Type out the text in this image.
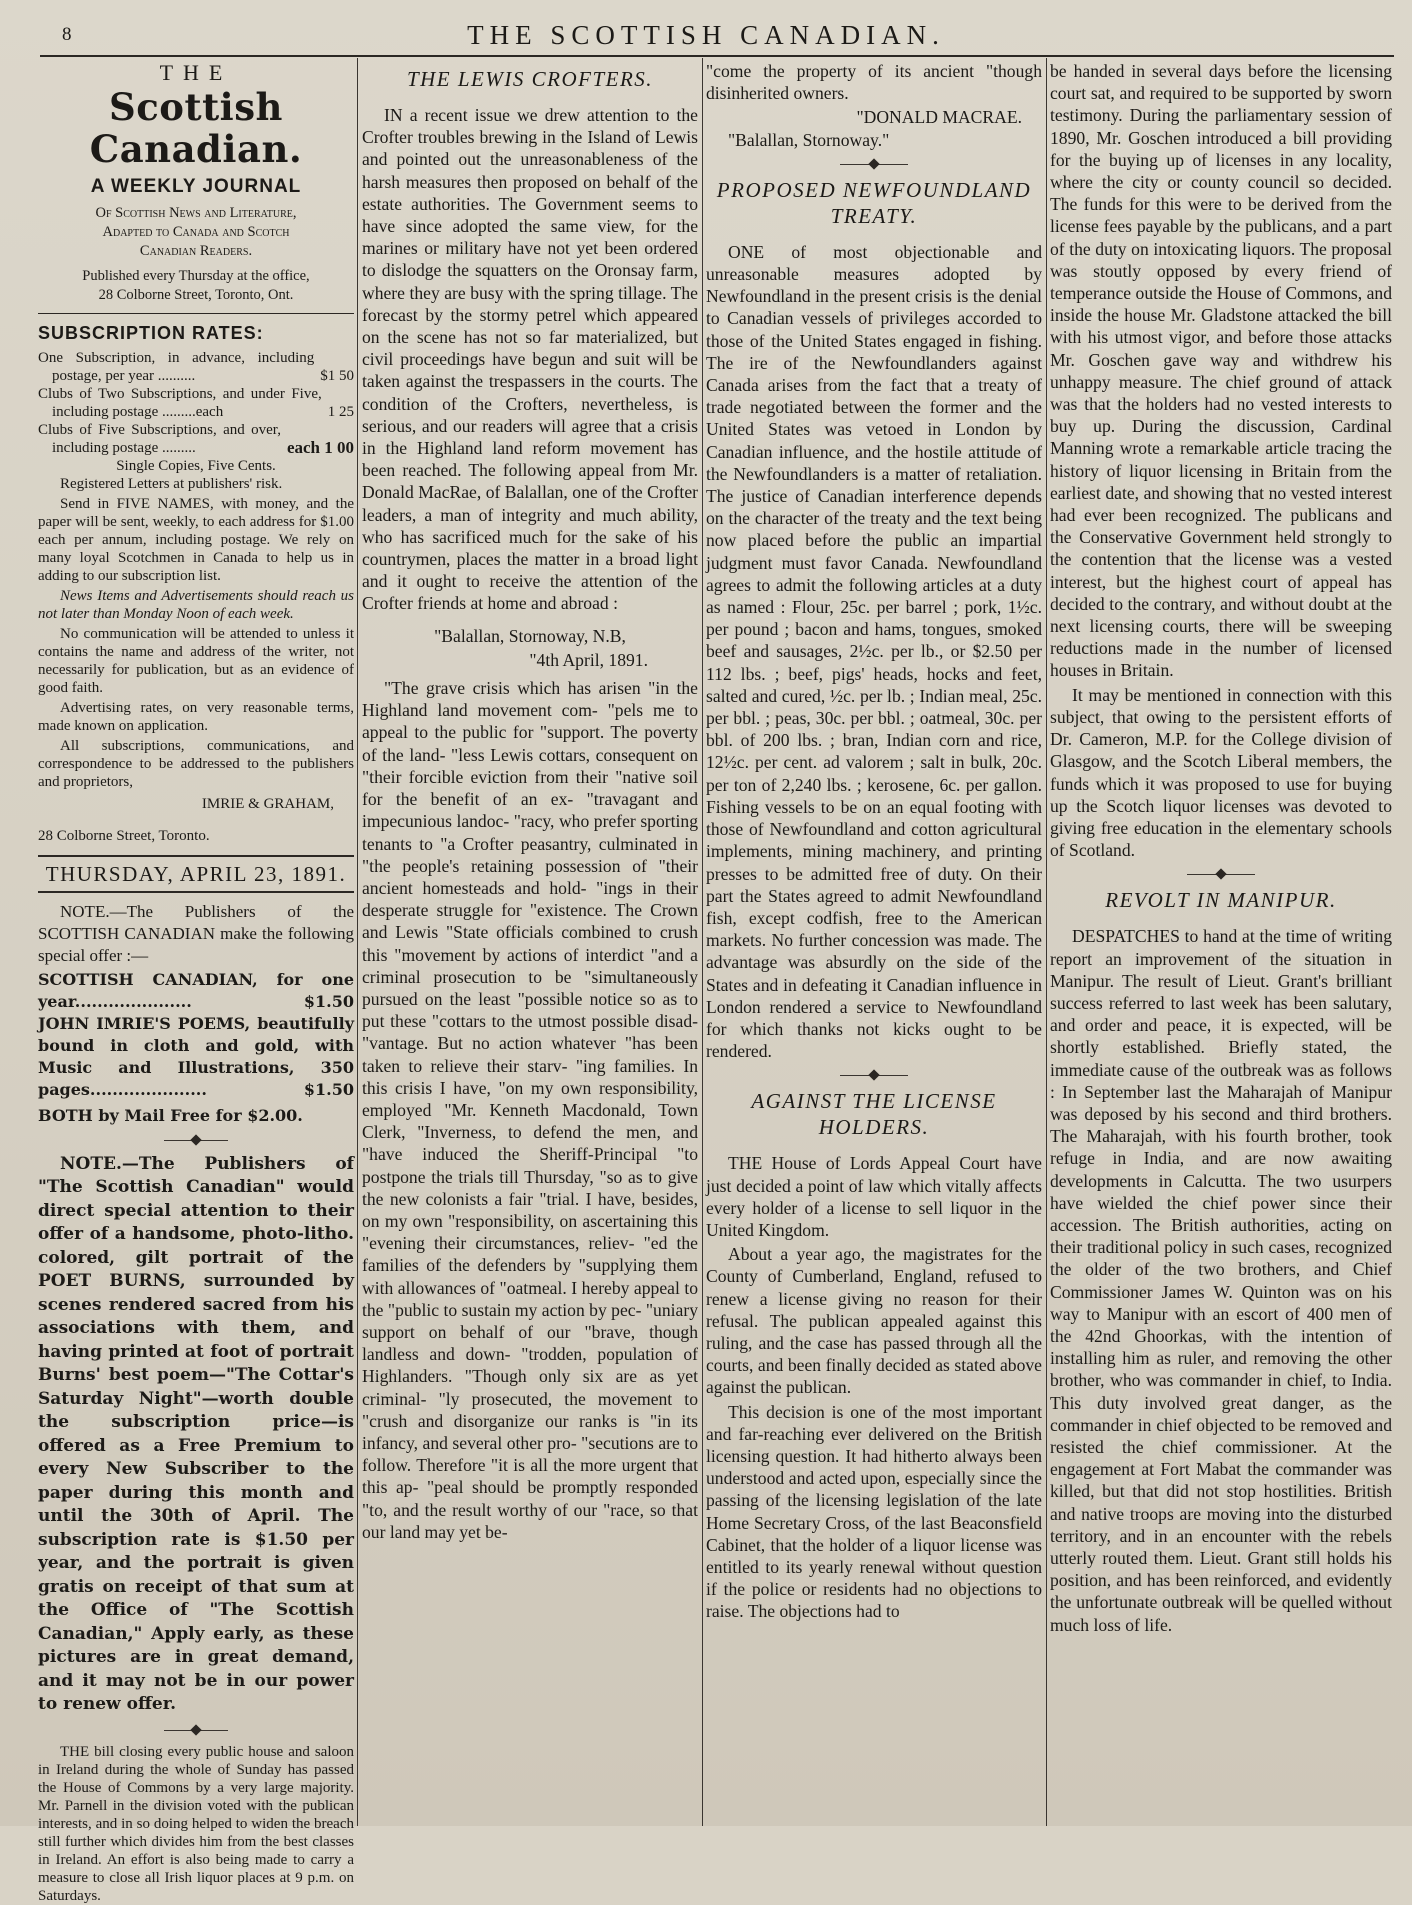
8	THE SCOTTISH CANADIAN.
THE
Scottish Canadian.
A WEEKLY JOURNAL
Of Scottish News and Literature,
Adapted to Canada and Scotch
Canadian Readers.
Published every Thursday at the office,
28 Colborne Street, Toronto, Ont.
SUBSCRIPTION RATES:
One Subscription, in advance, including postage, per year ..........	$1 50
Clubs of Two Subscriptions, and under Five, including postage .........each	1 25
Clubs of Five Subscriptions, and over, including postage .........	each 1 00
Single Copies, Five Cents.

Registered Letters at publishers' risk.

Send in FIVE NAMES, with money, and the paper will be sent, weekly, to each address for $1.00 each per annum, including postage. We rely on many loyal Scotchmen in Canada to help us in adding to our subscription list.

News Items and Advertisements should reach us not later than Monday Noon of each week.

No communication will be attended to unless it contains the name and address of the writer, not necessarily for publication, but as an evidence of good faith.

Advertising rates, on very reasonable terms, made known on application.

All subscriptions, communications, and correspondence to be addressed to the publishers and proprietors,

IMRIE & GRAHAM,
28 Colborne Street, Toronto.
THURSDAY, APRIL 23, 1891.

NOTE.—The Publishers of the SCOTTISH CANADIAN make the following special offer :—

SCOTTISH CANADIAN, for one year.....................	$1.50
JOHN IMRIE'S POEMS, beautifully bound in cloth and gold, with Music and Illustrations, 350 pages.....................	$1.50
BOTH by Mail Free for $2.00.

NOTE.—The Publishers of "The Scottish Canadian" would direct special attention to their offer of a handsome, photo-litho. colored, gilt portrait of the POET BURNS, surrounded by scenes rendered sacred from his associations with them, and having printed at foot of portrait Burns' best poem—"The Cottar's Saturday Night"—worth double the subscription price—is offered as a Free Premium to every New Subscriber to the paper during this month and until the 30th of April. The subscription rate is $1.50 per year, and the portrait is given gratis on receipt of that sum at the Office of "The Scottish Canadian," Apply early, as these pictures are in great demand, and it may not be in our power to renew offer.

THE bill closing every public house and saloon in Ireland during the whole of Sunday has passed the House of Commons by a very large majority. Mr. Parnell in the division voted with the publican interests, and in so doing helped to widen the breach still further which divides him from the best classes in Ireland. An effort is also being made to carry a measure to close all Irish liquor places at 9 p.m. on Saturdays.

THE LEWIS CROFTERS.

IN a recent issue we drew attention to the Crofter troubles brewing in the Island of Lewis and pointed out the unreasonableness of the harsh measures then proposed on behalf of the estate authorities. The Government seems to have since adopted the same view, for the marines or military have not yet been ordered to dislodge the squatters on the Oronsay farm, where they are busy with the spring tillage. The forecast by the stormy petrel which appeared on the scene has not so far materialized, but civil proceedings have begun and suit will be taken against the trespassers in the courts. The condition of the Crofters, nevertheless, is serious, and our readers will agree that a crisis in the Highland land reform movement has been reached. The following appeal from Mr. Donald MacRae, of Balallan, one of the Crofter leaders, a man of integrity and much ability, who has sacrificed much for the sake of his countrymen, places the matter in a broad light and it ought to receive the attention of the Crofter friends at home and abroad :

"Balallan, Stornoway, N.B,
"4th April, 1891.

"The grave crisis which has arisen "in the Highland land movement com- "pels me to appeal to the public for "support. The poverty of the land- "less Lewis cottars, consequent on "their forcible eviction from their "native soil for the benefit of an ex- "travagant and impecunious landoc- "racy, who prefer sporting tenants to "a Crofter peasantry, culminated in "the people's retaining possession of "their ancient homesteads and hold- "ings in their desperate struggle for "existence. The Crown and Lewis "State officials combined to crush this "movement by actions of interdict "and a criminal prosecution to be "simultaneously pursued on the least "possible notice so as to put these "cottars to the utmost possible disad- "vantage. But no action whatever "has been taken to relieve their starv- "ing families. In this crisis I have, "on my own responsibility, employed "Mr. Kenneth Macdonald, Town Clerk, "Inverness, to defend the men, and "have induced the Sheriff-Principal "to postpone the trials till Thursday, "so as to give the new colonists a fair "trial. I have, besides, on my own "responsibility, on ascertaining this "evening their circumstances, reliev- "ed the families of the defenders by "supplying them with allowances of "oatmeal. I hereby appeal to the "public to sustain my action by pec- "uniary support on behalf of our "brave, though landless and down- "trodden, population of Highlanders. "Though only six are as yet criminal- "ly prosecuted, the movement to "crush and disorganize our ranks is "in its infancy, and several other pro- "secutions are to follow. Therefore "it is all the more urgent that this ap- "peal should be promptly responded "to, and the result worthy of our "race, so that our land may yet be-

"come the property of its ancient "though disinherited owners.

"DONALD MACRAE.

"Balallan, Stornoway."

PROPOSED NEWFOUNDLAND TREATY.

ONE of most objectionable and unreasonable measures adopted by Newfoundland in the present crisis is the denial to Canadian vessels of privileges accorded to those of the United States engaged in fishing. The ire of the Newfoundlanders against Canada arises from the fact that a treaty of trade negotiated between the former and the United States was vetoed in London by Canadian influence, and the hostile attitude of the Newfoundlanders is a matter of retaliation. The justice of Canadian interference depends on the character of the treaty and the text being now placed before the public an impartial judgment must favor Canada. Newfoundland agrees to admit the following articles at a duty as named : Flour, 25c. per barrel ; pork, 1½c. per pound ; bacon and hams, tongues, smoked beef and sausages, 2½c. per lb., or $2.50 per 112 lbs. ; beef, pigs' heads, hocks and feet, salted and cured, ½c. per lb. ; Indian meal, 25c. per bbl. ; peas, 30c. per bbl. ; oatmeal, 30c. per bbl. of 200 lbs. ; bran, Indian corn and rice, 12½c. per cent. ad valorem ; salt in bulk, 20c. per ton of 2,240 lbs. ; kerosene, 6c. per gallon. Fishing vessels to be on an equal footing with those of Newfoundland and cotton agricultural implements, mining machinery, and printing presses to be admitted free of duty. On their part the States agreed to admit Newfoundland fish, except codfish, free to the American markets. No further concession was made. The advantage was absurdly on the side of the States and in defeating it Canadian influence in London rendered a service to Newfoundland for which thanks not kicks ought to be rendered.

AGAINST THE LICENSE HOLDERS.

THE House of Lords Appeal Court have just decided a point of law which vitally affects every holder of a license to sell liquor in the United Kingdom.

About a year ago, the magistrates for the County of Cumberland, England, refused to renew a license giving no reason for their refusal. The publican appealed against this ruling, and the case has passed through all the courts, and been finally decided as stated above against the publican.

This decision is one of the most important and far-reaching ever delivered on the British licensing question. It had hitherto always been understood and acted upon, especially since the passing of the licensing legislation of the late Home Secretary Cross, of the last Beaconsfield Cabinet, that the holder of a liquor license was entitled to its yearly renewal without question if the police or residents had no objections to raise. The objections had to

be handed in several days before the licensing court sat, and required to be supported by sworn testimony. During the parliamentary session of 1890, Mr. Goschen introduced a bill providing for the buying up of licenses in any locality, where the city or county council so decided. The funds for this were to be derived from the license fees payable by the publicans, and a part of the duty on intoxicating liquors. The proposal was stoutly opposed by every friend of temperance outside the House of Commons, and inside the house Mr. Gladstone attacked the bill with his utmost vigor, and before those attacks Mr. Goschen gave way and withdrew his unhappy measure. The chief ground of attack was that the holders had no vested interests to buy up. During the discussion, Cardinal Manning wrote a remarkable article tracing the history of liquor licensing in Britain from the earliest date, and showing that no vested interest had ever been recognized. The publicans and the Conservative Government held strongly to the contention that the license was a vested interest, but the highest court of appeal has decided to the contrary, and without doubt at the next licensing courts, there will be sweeping reductions made in the number of licensed houses in Britain.

It may be mentioned in connection with this subject, that owing to the persistent efforts of Dr. Cameron, M.P. for the College division of Glasgow, and the Scotch Liberal members, the funds which it was proposed to use for buying up the Scotch liquor licenses was devoted to giving free education in the elementary schools of Scotland.

REVOLT IN MANIPUR.

DESPATCHES to hand at the time of writing report an improvement of the situation in Manipur. The result of Lieut. Grant's brilliant success referred to last week has been salutary, and order and peace, it is expected, will be shortly established. Briefly stated, the immediate cause of the outbreak was as follows : In September last the Maharajah of Manipur was deposed by his second and third brothers. The Maharajah, with his fourth brother, took refuge in India, and are now awaiting developments in Calcutta. The two usurpers have wielded the chief power since their accession. The British authorities, acting on their traditional policy in such cases, recognized the older of the two brothers, and Chief Commissioner James W. Quinton was on his way to Manipur with an escort of 400 men of the 42nd Ghoorkas, with the intention of installing him as ruler, and removing the other brother, who was commander in chief, to India. This duty involved great danger, as the commander in chief objected to be removed and resisted the chief commissioner. At the engagement at Fort Mabat the commander was killed, but that did not stop hostilities. British and native troops are moving into the disturbed territory, and in an encounter with the rebels utterly routed them. Lieut. Grant still holds his position, and has been reinforced, and evidently the unfortunate outbreak will be quelled without much loss of life.
